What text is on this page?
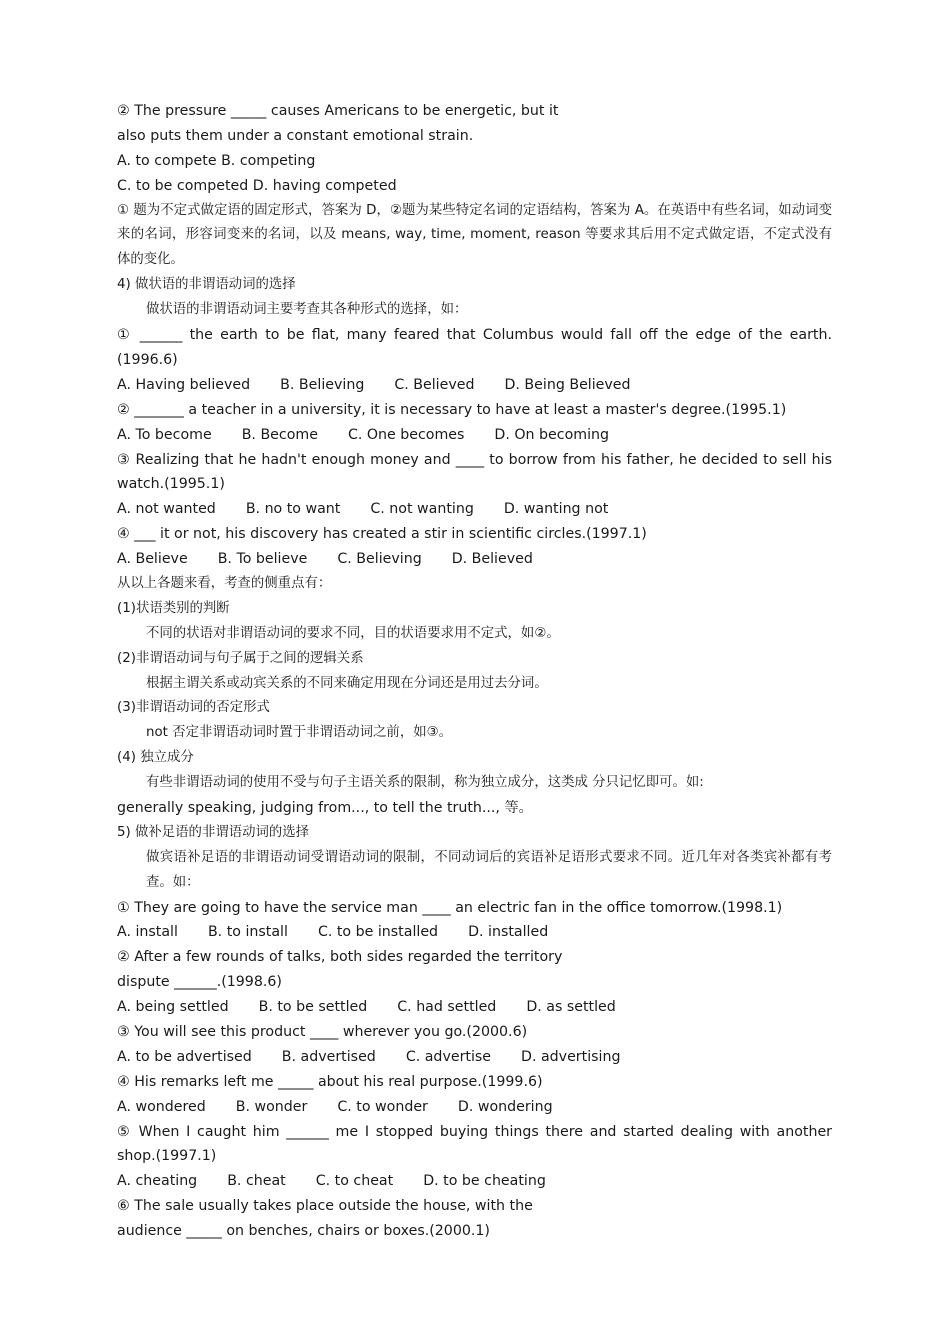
② The pressure _____ causes Americans to be energetic, but it
also puts them under a constant emotional strain.
A. to compete B. competing
C. to be competed D. having competed
① 题为不定式做定语的固定形式，答案为 D，②题为某些特定名词的定语结构，答案为 A。在英语中有些名词，如动词变来的名词，形容词变来的名词，以及 means, way, time, moment, reason 等要求其后用不定式做定语，不定式没有体的变化。
4) 做状语的非谓语动词的选择
做状语的非谓语动词主要考查其各种形式的选择，如：
① ______ the earth to be flat, many feared that Columbus would fall off the edge of the earth.
(1996.6)
A. Having believed B. Believing C. Believed D. Being Believed
② _______ a teacher in a university, it is necessary to have at least a master's degree.(1995.1)
A. To become B. Become C. One becomes D. On becoming
③ Realizing that he hadn't enough money and ____ to borrow from his father, he decided to sell his
watch.(1995.1)
A. not wanted B. no to want C. not wanting D. wanting not
④ ___ it or not, his discovery has created a stir in scientific circles.(1997.1)
A. Believe B. To believe C. Believing D. Believed
从以上各题来看，考查的侧重点有：
(1)状语类别的判断
不同的状语对非谓语动词的要求不同，目的状语要求用不定式，如②。
(2)非谓语动词与句子属于之间的逻辑关系
根据主谓关系或动宾关系的不同来确定用现在分词还是用过去分词。
(3)非谓语动词的否定形式
not 否定非谓语动词时置于非谓语动词之前，如③。
(4) 独立成分
有些非谓语动词的使用不受与句子主语关系的限制，称为独立成分，这类成 分只记忆即可。如:
generally speaking, judging from..., to tell the truth..., 等。
5) 做补足语的非谓语动词的选择
做宾语补足语的非谓语动词受谓语动词的限制，不同动词后的宾语补足语形式要求不同。近几年对各类宾补都有考查。如：
① They are going to have the service man ____ an electric fan in the office tomorrow.(1998.1)
A. install B. to install C. to be installed D. installed
② After a few rounds of talks, both sides regarded the territory
dispute ______.(1998.6)
A. being settled B. to be settled C. had settled D. as settled
③ You will see this product ____ wherever you go.(2000.6)
A. to be advertised B. advertised C. advertise D. advertising
④ His remarks left me _____ about his real purpose.(1999.6)
A. wondered B. wonder C. to wonder D. wondering
⑤ When I caught him ______ me I stopped buying things there and started dealing with another
shop.(1997.1)
A. cheating B. cheat C. to cheat D. to be cheating
⑥ The sale usually takes place outside the house, with the
audience _____ on benches, chairs or boxes.(2000.1)
